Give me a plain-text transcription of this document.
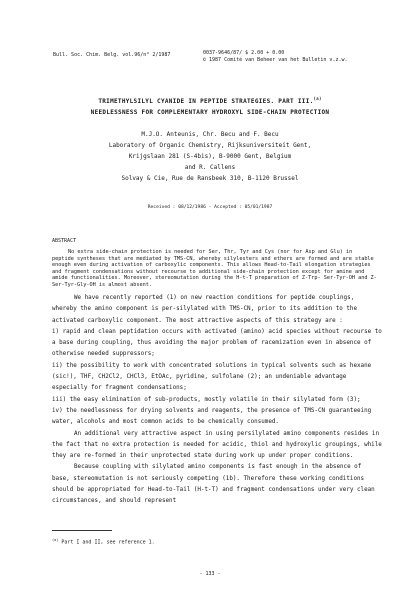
Bull. Soc. Chim. Belg. vol.96/n° 2/1987	0037-9646/87/ $ 2.00 + 0.00
© 1987 Comité van Beheer van het Bulletin v.z.w.
TRIMETHYLSILYL CYANIDE IN PEPTIDE STRATEGIES. PART III.$^{(a)}$
NEEDLESSNESS FOR COMPLEMENTARY HYDROXYL SIDE-CHAIN PROTECTION
M.J.O. Anteunis, Chr. Becu and F. Becu
Laboratory of Organic Chemistry, Rijksuniversiteit Gent,
Krijgslaan 281 (S-4bis), B-9000 Gent, Belgium
and R. Callens
Solvay & Cie, Rue de Ransbeek 310, B-1120 Brussel
Received : 08/12/1986 - Accepted : 05/01/1987
ABSTRACT

No extra side-chain protection is needed for Ser, Thr, Tyr and Cys (nor for Asp and Glu) in peptide syntheses that are mediated by TMS-CN, whereby silylesters and ethers are formed and are stable enough even during activation of carboxylic components. This allows Head-to-Tail elongation strategies and fragment condensations without recourse to additional side-chain protection except for amine and amide functionalities. Moreover, stereomutation during the H-t-T preparation of Z-Trp- Ser-Tyr-OH and Z-Ser-Tyr-Gly-OH is almost absent.

We have recently reported (1) on new reaction conditions for peptide couplings, whereby the amino component is per-silylated with TMS-CN, prior to its addition to the activated carboxylic component. The most attractive aspects of this strategy are :

i) rapid and clean peptidation occurs with activated (amino) acid species without recourse to a base during coupling, thus avoiding the major problem of racemization even in absence of otherwise needed suppressors;

ii) the possibility to work with concentrated solutions in typical solvents such as hexane (sic!), THF, CH2Cl2, CHCl3, EtOAc, pyridine, sulfolane (2); an undeniable advantage especially for fragment condensations;

iii) the easy elimination of sub-products, mostly volatile in their silylated form (3);

iv) the needlessness for drying solvents and reagents, the presence of TMS-CN guaranteeing water, alcohols and most common acids to be chemically consumed.

An additional very attractive aspect in using persilylated amino components resides in the fact that no extra protection is needed for acidic, thiol and hydroxylic groupings, while they are re-formed in their unprotected state during work up under proper conditions.

Because coupling with silylated amino components is fast enough in the absence of base, stereomutation is not seriously competing (1b). Therefore these working conditions should be appropriated for Head-to-Tail (H-t-T) and fragment condensations under very clean circumstances, and should represent

$^{(a)}$ Part I and II, see reference 1.
- 133 -
